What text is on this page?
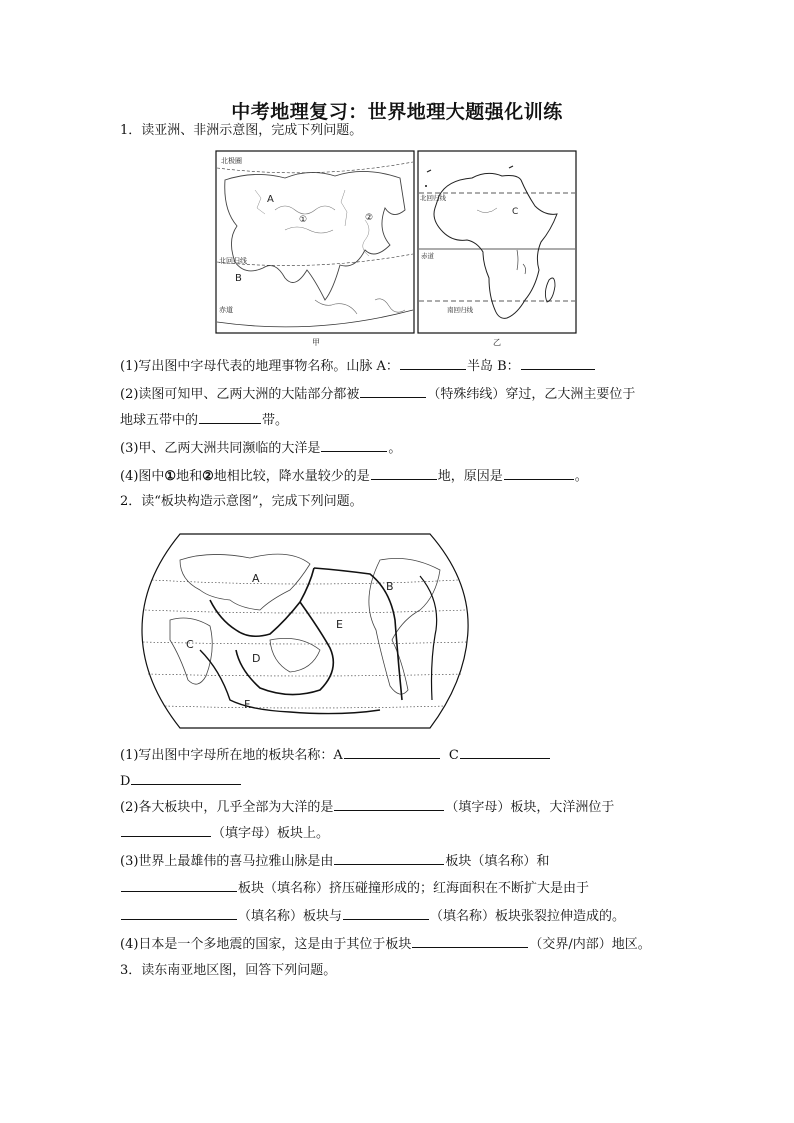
中考地理复习：世界地理大题强化训练
1．读亚洲、非洲示意图，完成下列问题。
北极圈
A
①	②
北回归线
B
赤道
甲
北回归线
C
赤道
南回归线
乙
(1)写出图中字母代表的地理事物名称。山脉 A：	半岛 B：
(2)读图可知甲、乙两大洲的大陆部分都被	（特殊纬线）穿过，乙大洲主要位于
地球五带中的	带。
(3)甲、乙两大洲共同濒临的大洋是	。
(4)图中①地和②地相比较，降水量较少的是	地，原因是	。
2．读“板块构造示意图”，完成下列问题。
A
B
C
D
E
F
(1)写出图中字母所在地的板块名称：A	C
D
(2)各大板块中，几乎全部为大洋的是	（填字母）板块，大洋洲位于
（填字母）板块上。
(3)世界上最雄伟的喜马拉雅山脉是由	板块（填名称）和
板块（填名称）挤压碰撞形成的；红海面积在不断扩大是由于
（填名称）板块与	（填名称）板块张裂拉伸造成的。
(4)日本是一个多地震的国家，这是由于其位于板块	（交界/内部）地区。
3．读东南亚地区图，回答下列问题。
